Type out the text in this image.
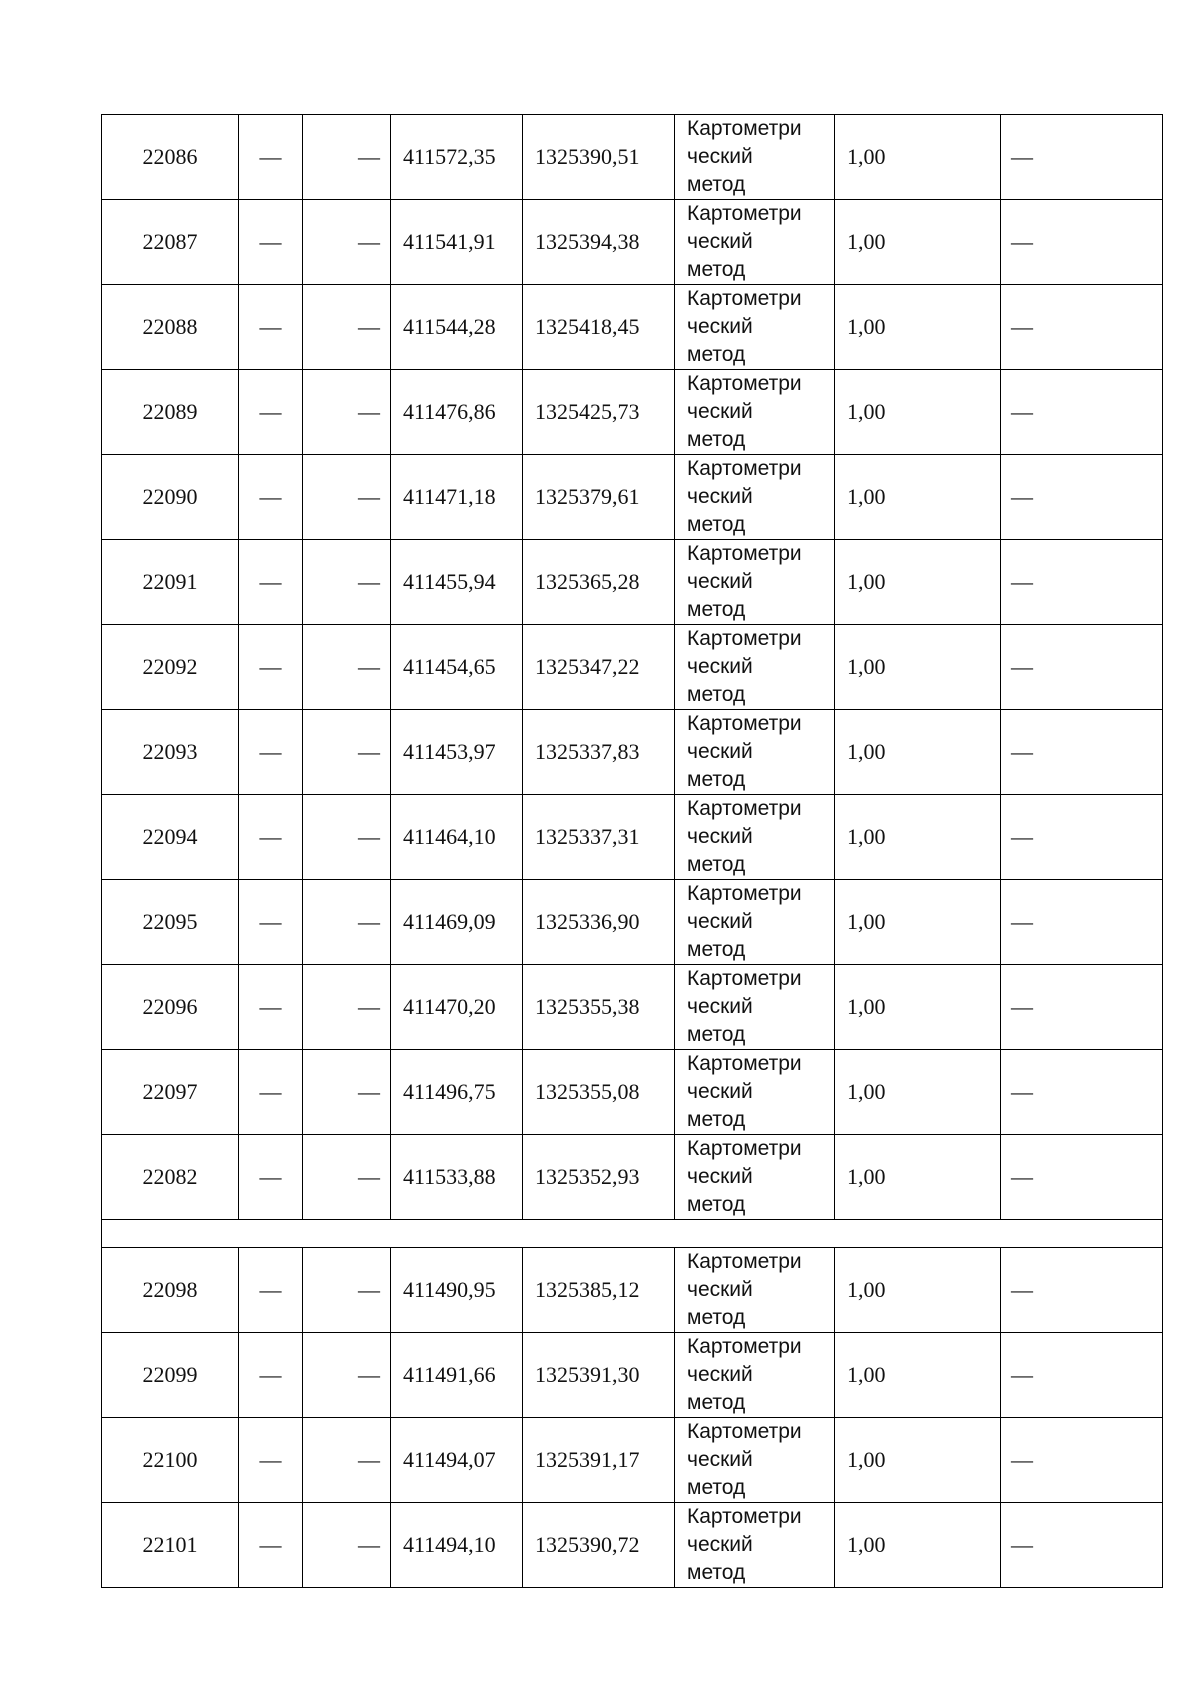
22086	—	—	411572,35	1325390,51	Картометри
ческий
метод	1,00	—
22087	—	—	411541,91	1325394,38	Картометри
ческий
метод	1,00	—
22088	—	—	411544,28	1325418,45	Картометри
ческий
метод	1,00	—
22089	—	—	411476,86	1325425,73	Картометри
ческий
метод	1,00	—
22090	—	—	411471,18	1325379,61	Картометри
ческий
метод	1,00	—
22091	—	—	411455,94	1325365,28	Картометри
ческий
метод	1,00	—
22092	—	—	411454,65	1325347,22	Картометри
ческий
метод	1,00	—
22093	—	—	411453,97	1325337,83	Картометри
ческий
метод	1,00	—
22094	—	—	411464,10	1325337,31	Картометри
ческий
метод	1,00	—
22095	—	—	411469,09	1325336,90	Картометри
ческий
метод	1,00	—
22096	—	—	411470,20	1325355,38	Картометри
ческий
метод	1,00	—
22097	—	—	411496,75	1325355,08	Картометри
ческий
метод	1,00	—
22082	—	—	411533,88	1325352,93	Картометри
ческий
метод	1,00	—

22098	—	—	411490,95	1325385,12	Картометри
ческий
метод	1,00	—
22099	—	—	411491,66	1325391,30	Картометри
ческий
метод	1,00	—
22100	—	—	411494,07	1325391,17	Картометри
ческий
метод	1,00	—
22101	—	—	411494,10	1325390,72	Картометри
ческий
метод	1,00	—
